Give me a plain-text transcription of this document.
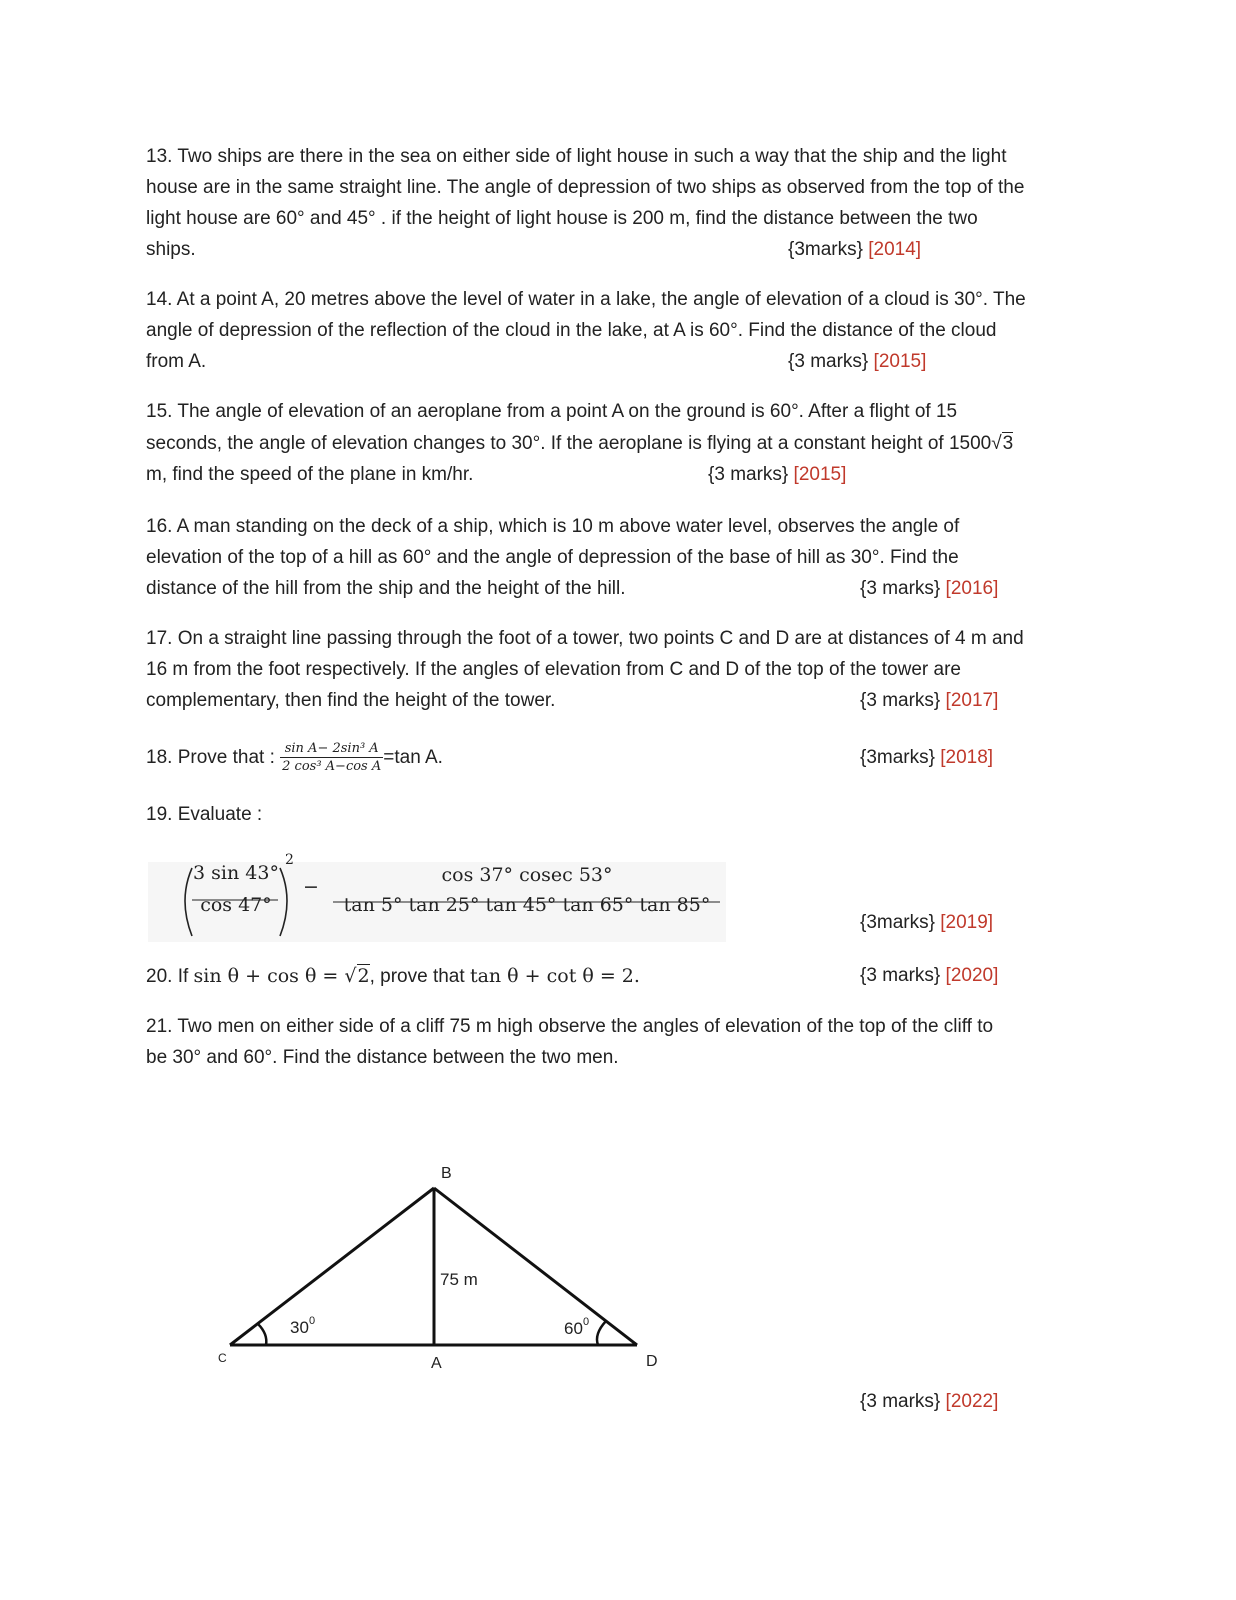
13. Two ships are there in the sea on either side of light house in such a way that the ship and the light
house are in the same straight line. The angle of depression of two ships as observed from the top of the
light house are 60° and 45° . if the height of light house is 200 m, find the distance between the two
ships.	{3marks} [2014]
14. At a point A, 20 metres above the level of water in a lake, the angle of elevation of a cloud is 30°. The
angle of depression of the reflection of the cloud in the lake, at A is 60°. Find the distance of the cloud
from A.	{3 marks} [2015]
15. The angle of elevation of an aeroplane from a point A on the ground is 60°. After a flight of 15
seconds, the angle of elevation changes to 30°. If the aeroplane is flying at a constant height of 1500√3
m, find the speed of the plane in km/hr.	{3 marks} [2015]
16. A man standing on the deck of a ship, which is 10 m above water level, observes the angle of
elevation of the top of a hill as 60° and the angle of depression of the base of hill as 30°. Find the
distance of the hill from the ship and the height of the hill.	{3 marks} [2016]
17. On a straight line passing through the foot of a tower, two points C and D are at distances of 4 m and
16 m from the foot respectively. If the angles of elevation from C and D of the top of the tower are
complementary, then find the height of the tower.	{3 marks} [2017]
18. Prove that : $\frac{\text{sin A− 2sin³ A}}{\text{2 cos³ A−cos A}} =\tan$ A.	{3marks} [2018]
19. Evaluate :
3 sin 43°
cos 47°
2
−
cos 37° cosec 53°
tan 5° tan 25° tan 45° tan 65° tan 85°
{3marks} [2019]
20. If sin θ + cos θ = √2, prove that tan θ + cot θ = 2.	{3 marks} [2020]
21. Two men on either side of a cliff 75 m high observe the angles of elevation of the top of the cliff to
be 30° and 60°. Find the distance between the two men.
B
A
C	D
75 m
30 0	60 0
{3 marks} [2022]
